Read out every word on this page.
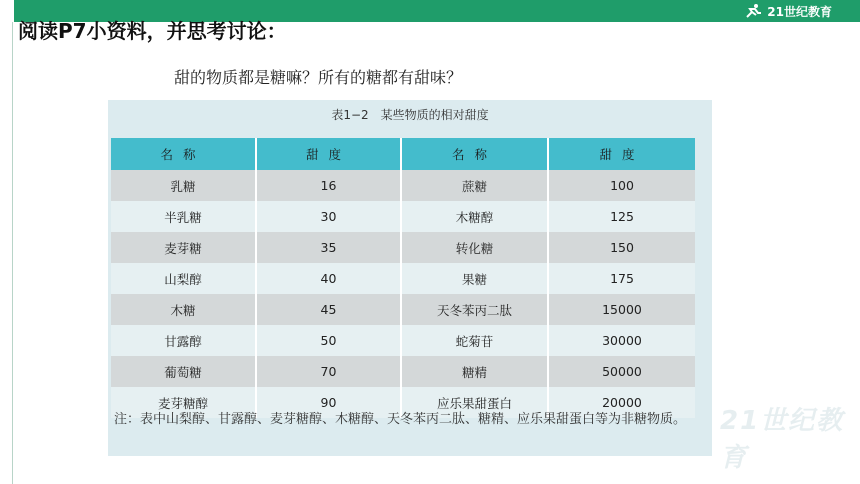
21世纪教育
阅读P7小资料，并思考讨论：
甜的物质都是糖嘛？所有的糖都有甜味？
表1−2　某些物质的相对甜度
名称	甜度	名称	甜度
乳糖	16	蔗糖	100
半乳糖	30	木糖醇	125
麦芽糖	35	转化糖	150
山梨醇	40	果糖	175
木糖	45	天冬苯丙二肽	15000
甘露醇	50	蛇菊苷	30000
葡萄糖	70	糖精	50000
麦芽糖醇	90	应乐果甜蛋白	20000
注：表中山梨醇、甘露醇、麦芽糖醇、木糖醇、天冬苯丙二肽、糖精、应乐果甜蛋白等为非糖物质。	21世纪教育
